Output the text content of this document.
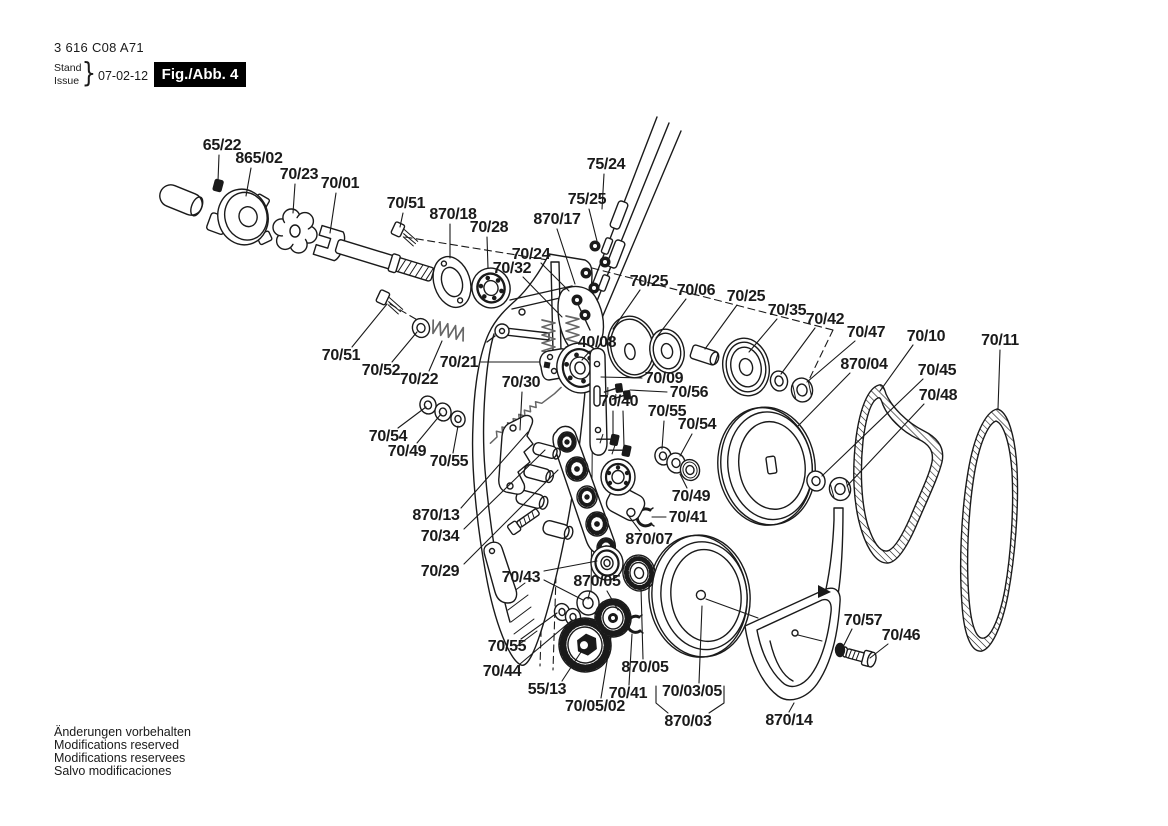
3 616 C08 A71
Stand
Issue } 07-02-12 Fig./Abb. 4
65/22
865/02
70/23
70/01
70/51
870/18
70/28 870/17
75/24
75/25
70/24
70/32
70/25
70/06 70/25
70/35
70/42
70/47
870/04
70/10
70/45
70/48
70/11
70/51
70/52
70/22
70/21
40/08
70/30	70/09
70/56
70/40
70/55
70/54
70/54
70/49
70/55
70/49
870/13	70/41
70/34	870/07
70/29	70/43 870/05
70/55
70/44
55/13
70/05/02
70/41
870/05
70/03/05
870/03	870/14
70/57
70/46
Änderungen vorbehalten
Modifications reserved
Modifications reservees
Salvo modificaciones
